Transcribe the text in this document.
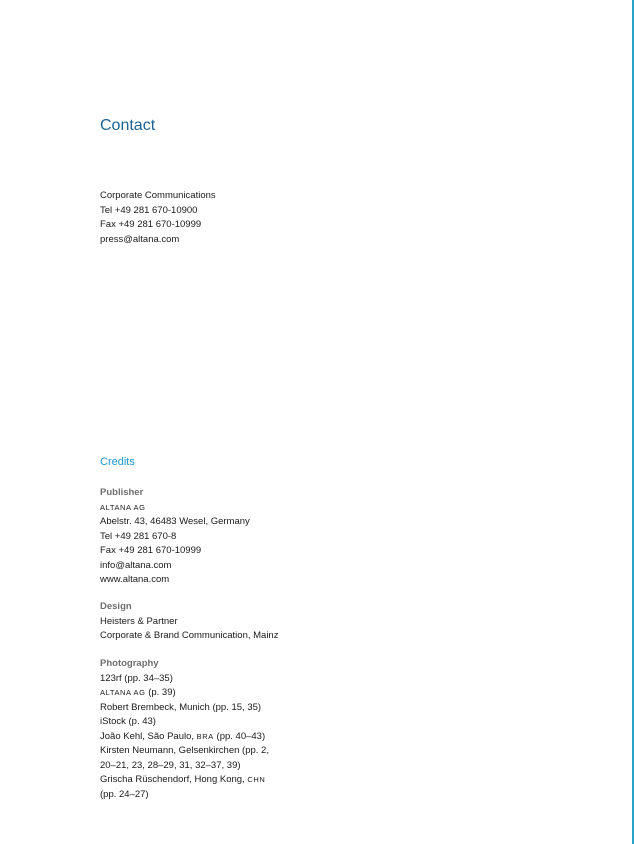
Contact
Corporate Communications
Tel +49 281 670-10900
Fax +49 281 670-10999
press@altana.com
Credits
Publisher
ALTANA AG
Abelstr. 43, 46483 Wesel, Germany
Tel +49 281 670-8
Fax +49 281 670-10999
info@altana.com
www.altana.com
Design
Heisters & Partner
Corporate & Brand Communication, Mainz
Photography
123rf (pp. 34–35)
ALTANA AG (p. 39)
Robert Brembeck, Munich (pp. 15, 35)
iStock (p. 43)
João Kehl, São Paulo, BRA (pp. 40–43)
Kirsten Neumann, Gelsenkirchen (pp. 2,
20–21, 23, 28–29, 31, 32–37, 39)
Grischa Rüschendorf, Hong Kong, CHN
(pp. 24–27)
